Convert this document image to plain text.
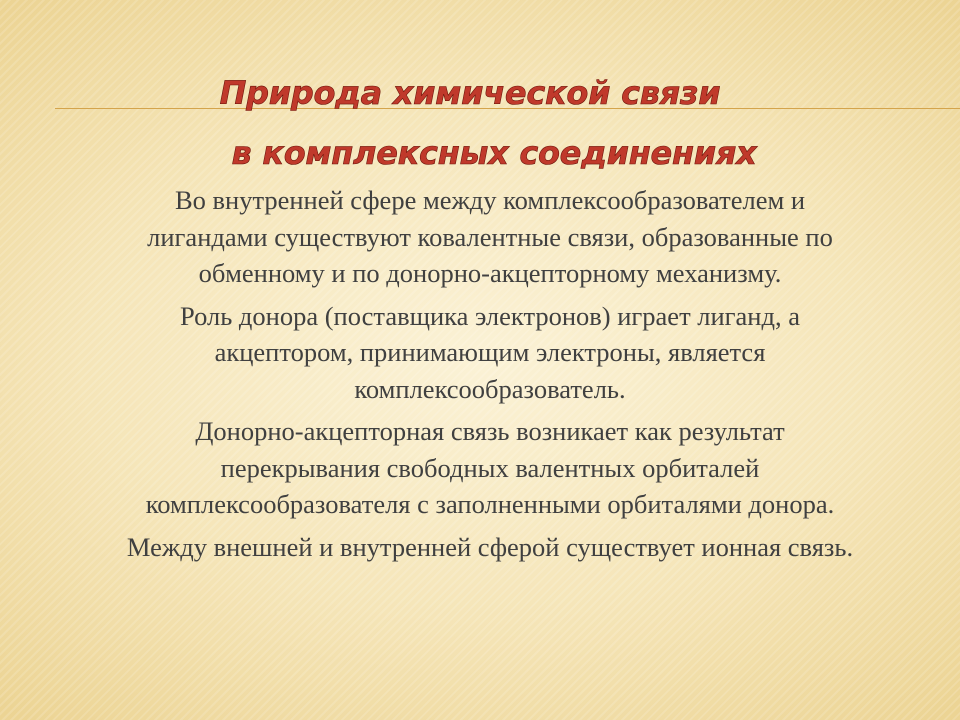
Природа химической связи
в комплексных соединениях

Во внутренней сфере между комплексообразователем и
лигандами существуют ковалентные связи, образованные по
обменному и по донорно-акцепторному механизму.

Роль донора (поставщика электронов) играет лиганд, а
акцептором, принимающим электроны, является
комплексообразователь.

Донорно-акцепторная связь возникает как результат
перекрывания свободных валентных орбиталей
комплексообразователя с заполненными орбиталями донора.

Между внешней и внутренней сферой существует ионная связь.
